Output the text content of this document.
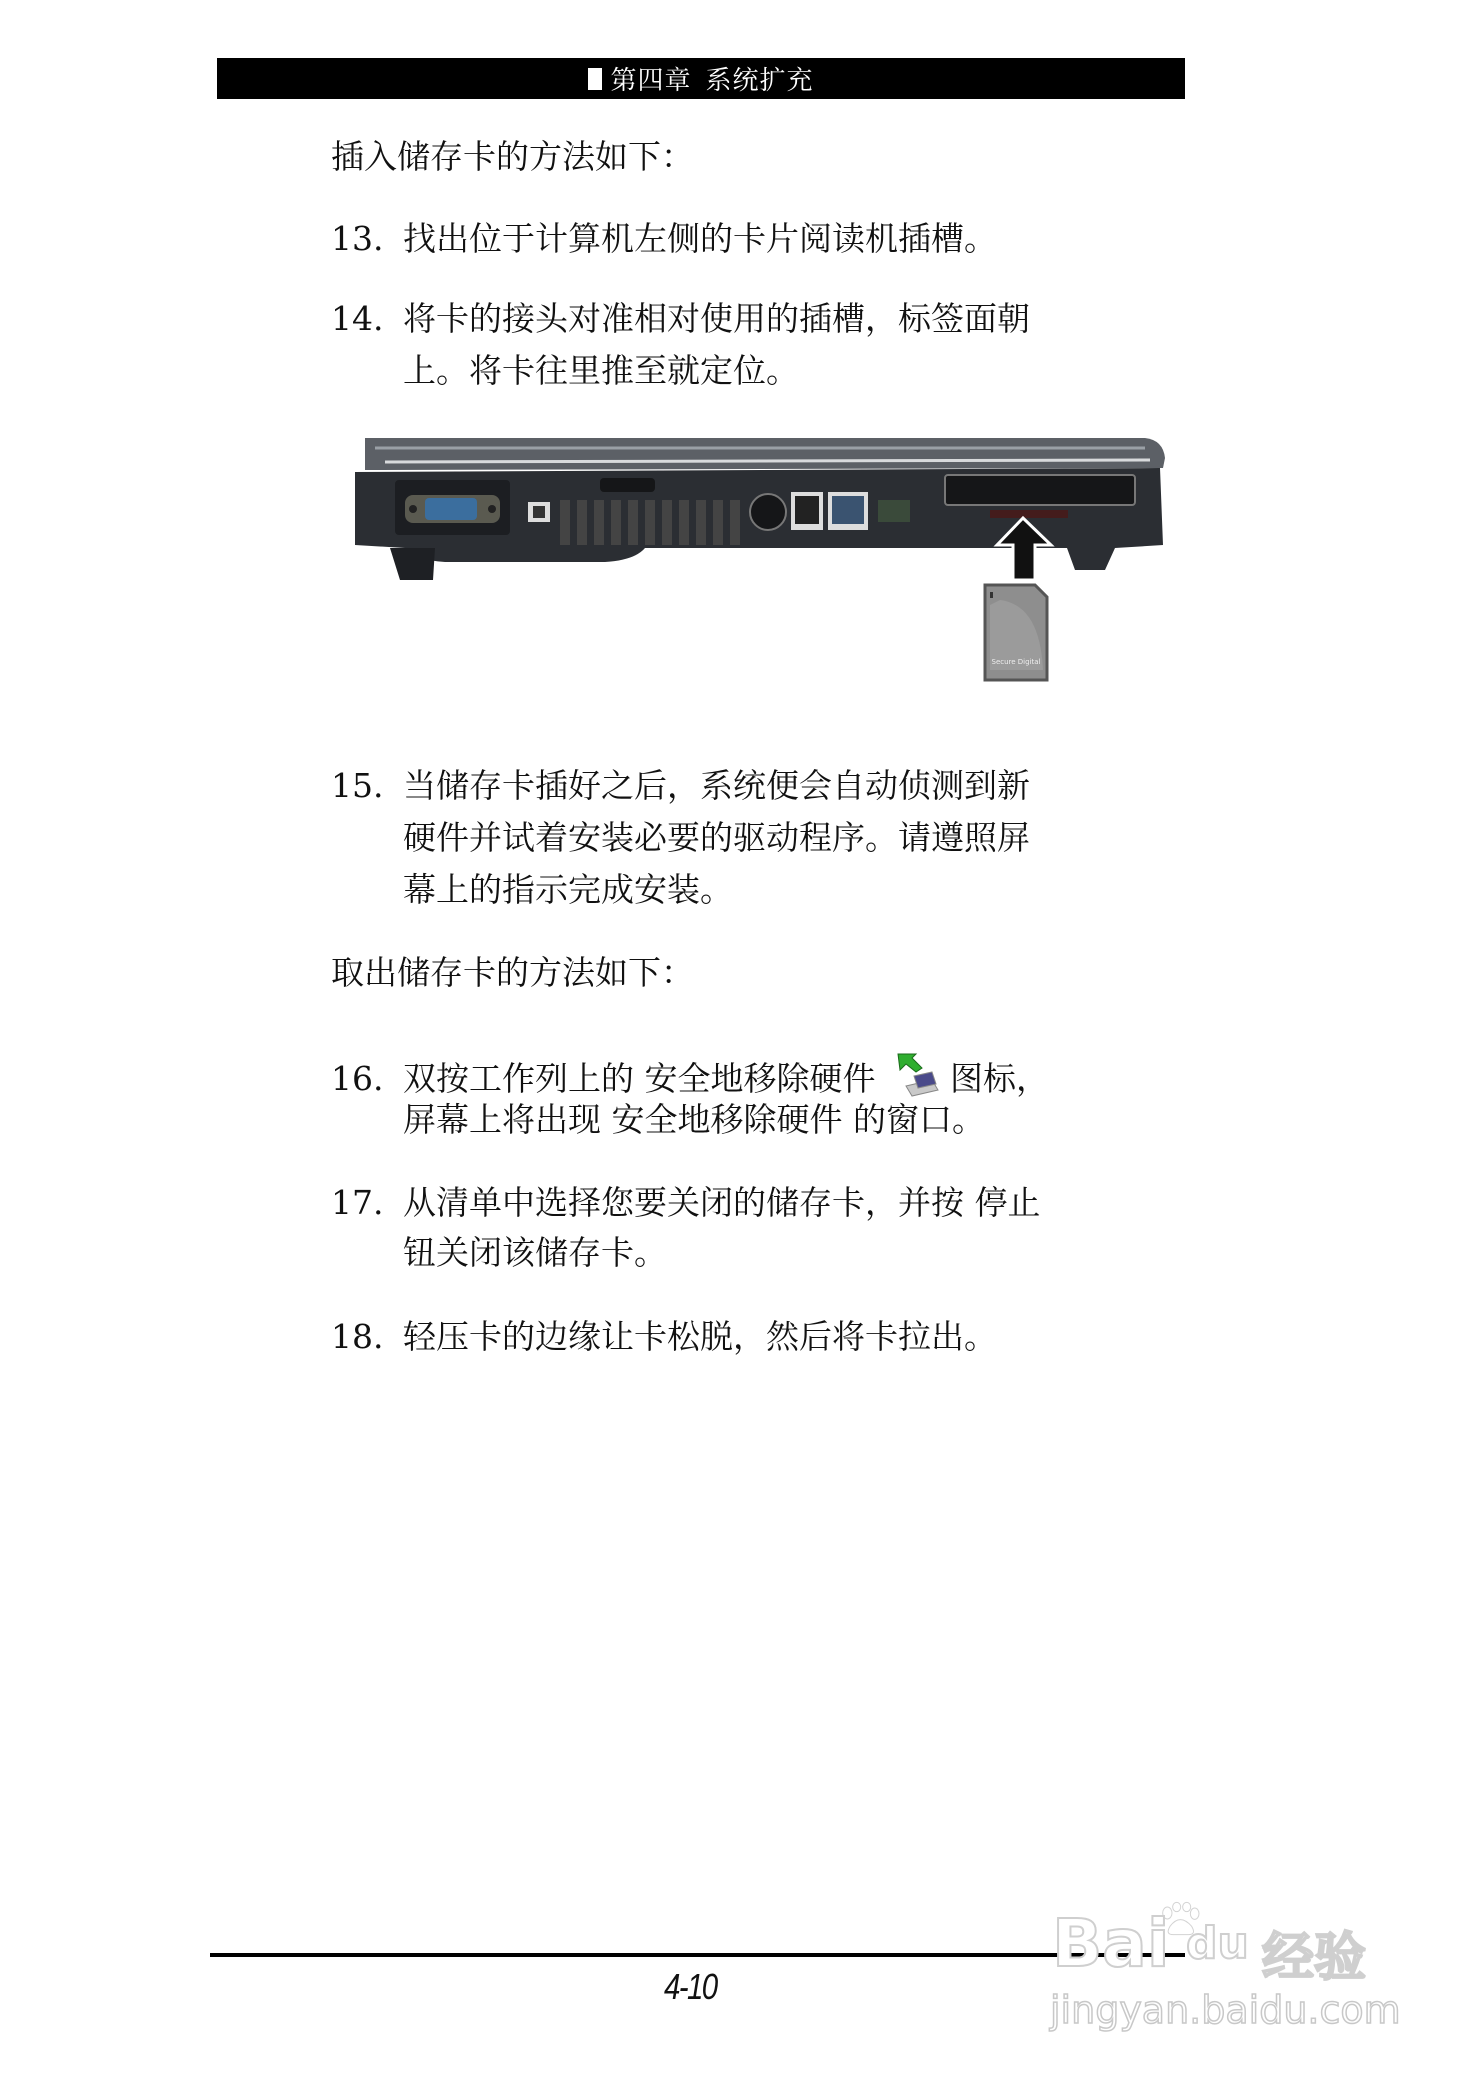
第四章 系统扩充
插入储存卡的方法如下：
13. 找出位于计算机左侧的卡片阅读机插槽。
14. 将卡的接头对准相对使用的插槽，标签面朝
上。将卡往里推至就定位。
Secure Digital
15. 当储存卡插好之后，系统便会自动侦测到新
硬件并试着安装必要的驱动程序。请遵照屏
幕上的指示完成安装。
取出储存卡的方法如下：
16. 双按工作列上的 安全地移除硬件 图标，
屏幕上将出现 安全地移除硬件 的窗口。
17. 从清单中选择您要关闭的储存卡，并按 停止
钮关闭该储存卡。
18. 轻压卡的边缘让卡松脱，然后将卡拉出。
4-10
Bai du 经验
jingyan.baidu.com
